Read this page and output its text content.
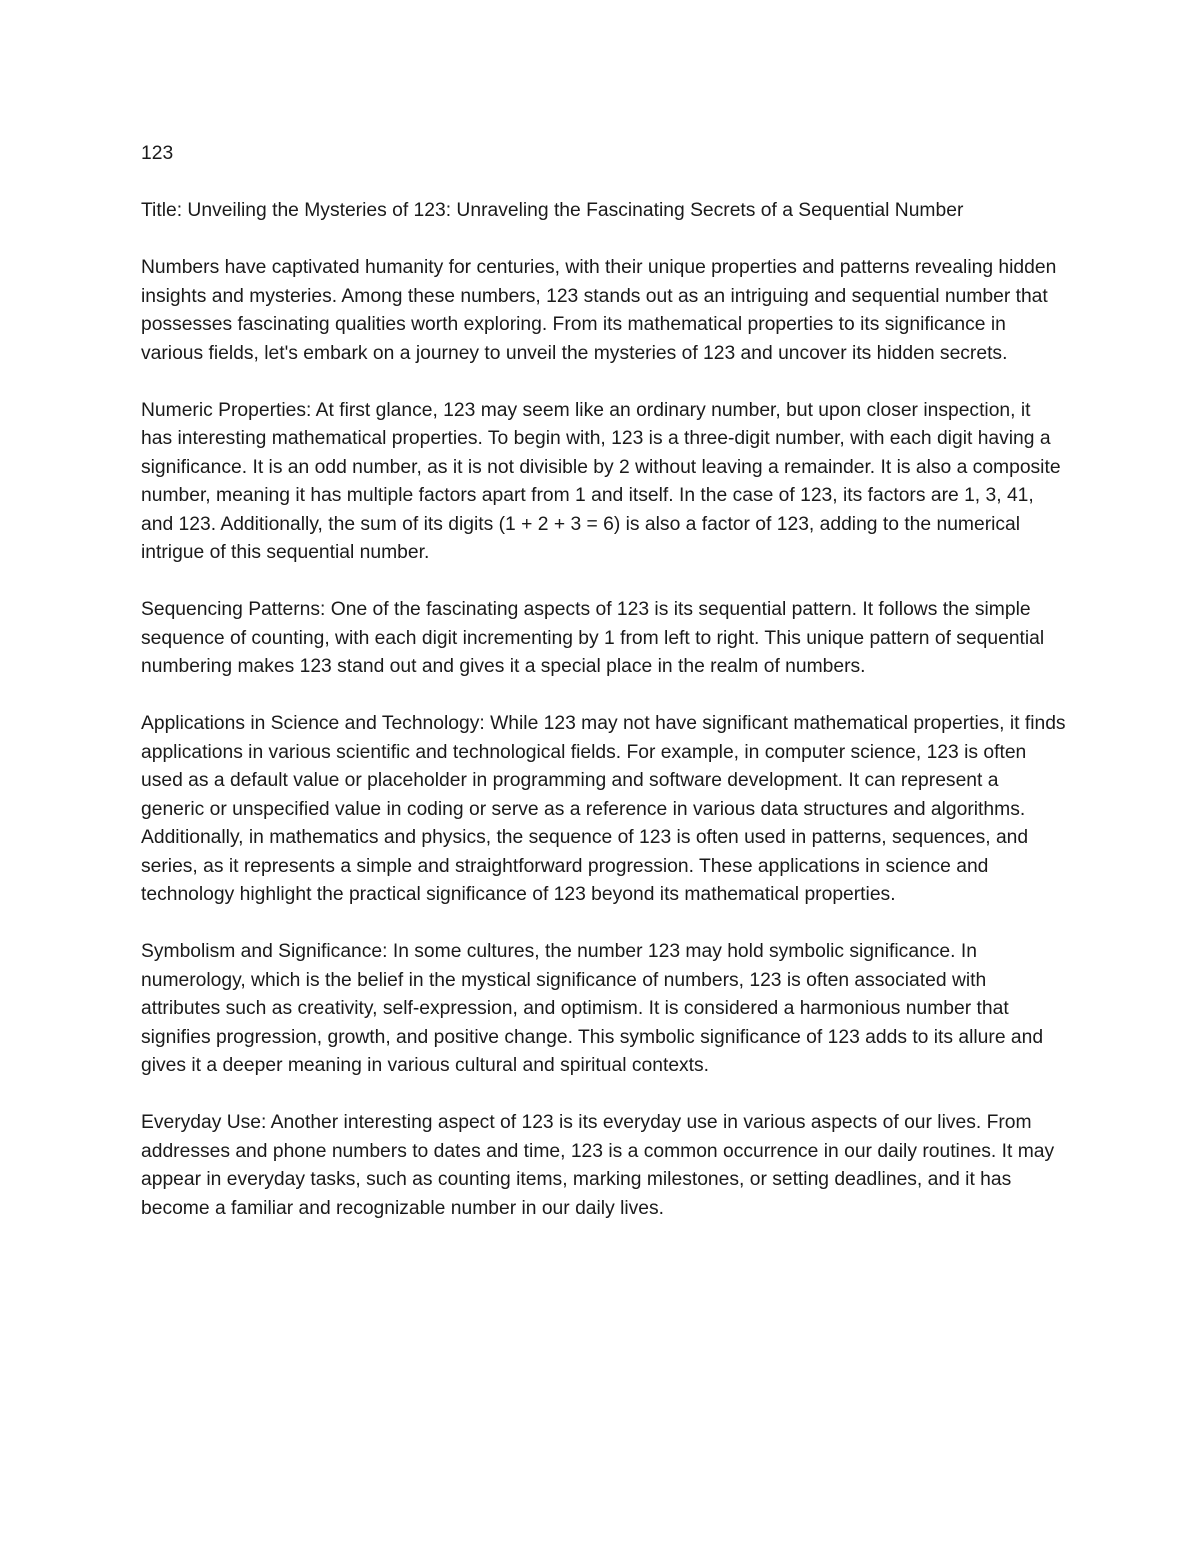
123

Title: Unveiling the Mysteries of 123: Unraveling the Fascinating Secrets of a Sequential Number

Numbers have captivated humanity for centuries, with their unique properties and patterns revealing hidden insights and mysteries. Among these numbers, 123 stands out as an intriguing and sequential number that possesses fascinating qualities worth exploring. From its mathematical properties to its significance in various fields, let's embark on a journey to unveil the mysteries of 123 and uncover its hidden secrets.

Numeric Properties: At first glance, 123 may seem like an ordinary number, but upon closer inspection, it has interesting mathematical properties. To begin with, 123 is a three-digit number, with each digit having a significance. It is an odd number, as it is not divisible by 2 without leaving a remainder. It is also a composite number, meaning it has multiple factors apart from 1 and itself. In the case of 123, its factors are 1, 3, 41, and 123. Additionally, the sum of its digits (1 + 2 + 3 = 6) is also a factor of 123, adding to the numerical intrigue of this sequential number.

Sequencing Patterns: One of the fascinating aspects of 123 is its sequential pattern. It follows the simple sequence of counting, with each digit incrementing by 1 from left to right. This unique pattern of sequential numbering makes 123 stand out and gives it a special place in the realm of numbers.

Applications in Science and Technology: While 123 may not have significant mathematical properties, it finds applications in various scientific and technological fields. For example, in computer science, 123 is often used as a default value or placeholder in programming and software development. It can represent a generic or unspecified value in coding or serve as a reference in various data structures and algorithms. Additionally, in mathematics and physics, the sequence of 123 is often used in patterns, sequences, and series, as it represents a simple and straightforward progression. These applications in science and technology highlight the practical significance of 123 beyond its mathematical properties.

Symbolism and Significance: In some cultures, the number 123 may hold symbolic significance. In numerology, which is the belief in the mystical significance of numbers, 123 is often associated with attributes such as creativity, self-expression, and optimism. It is considered a harmonious number that signifies progression, growth, and positive change. This symbolic significance of 123 adds to its allure and gives it a deeper meaning in various cultural and spiritual contexts.

Everyday Use: Another interesting aspect of 123 is its everyday use in various aspects of our lives. From addresses and phone numbers to dates and time, 123 is a common occurrence in our daily routines. It may appear in everyday tasks, such as counting items, marking milestones, or setting deadlines, and it has become a familiar and recognizable number in our daily lives.
